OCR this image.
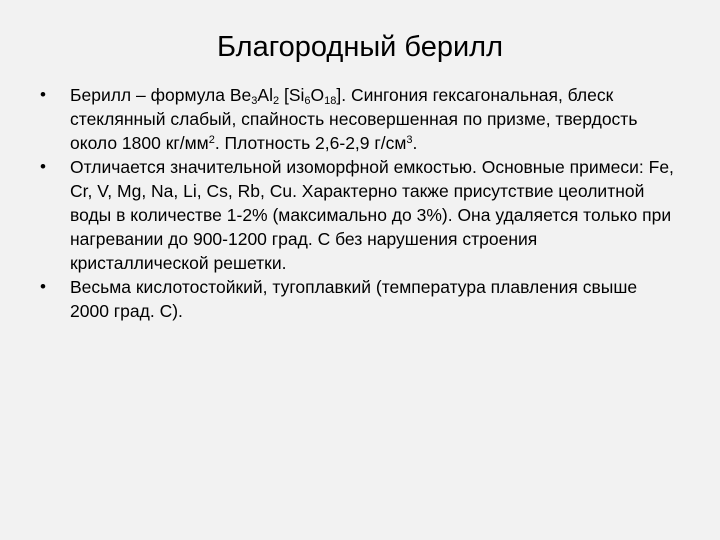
Благородный берилл
•	Берилл – формула $Be_3Al_2$ $[Si_6O_{18}]$. Сингония гексагональная, блеск стеклянный слабый, спайность несовершенная по призме, твердость около 1800 $кг/мм^2$. Плотность 2,6-2,9 $г/см^3$.
•	Отличается значительной изоморфной емкостью. Основные примеси: Fe, Cr, V, Mg, Na, Li, Cs, Rb, Cu. Характерно также присутствие цеолитной воды в количестве 1-2% (максимально до 3%). Она удаляется только при нагревании до 900-1200 град. С без нарушения строения кристаллической решетки.
•	Весьма кислотостойкий, тугоплавкий (температура плавления свыше 2000 град. С).
